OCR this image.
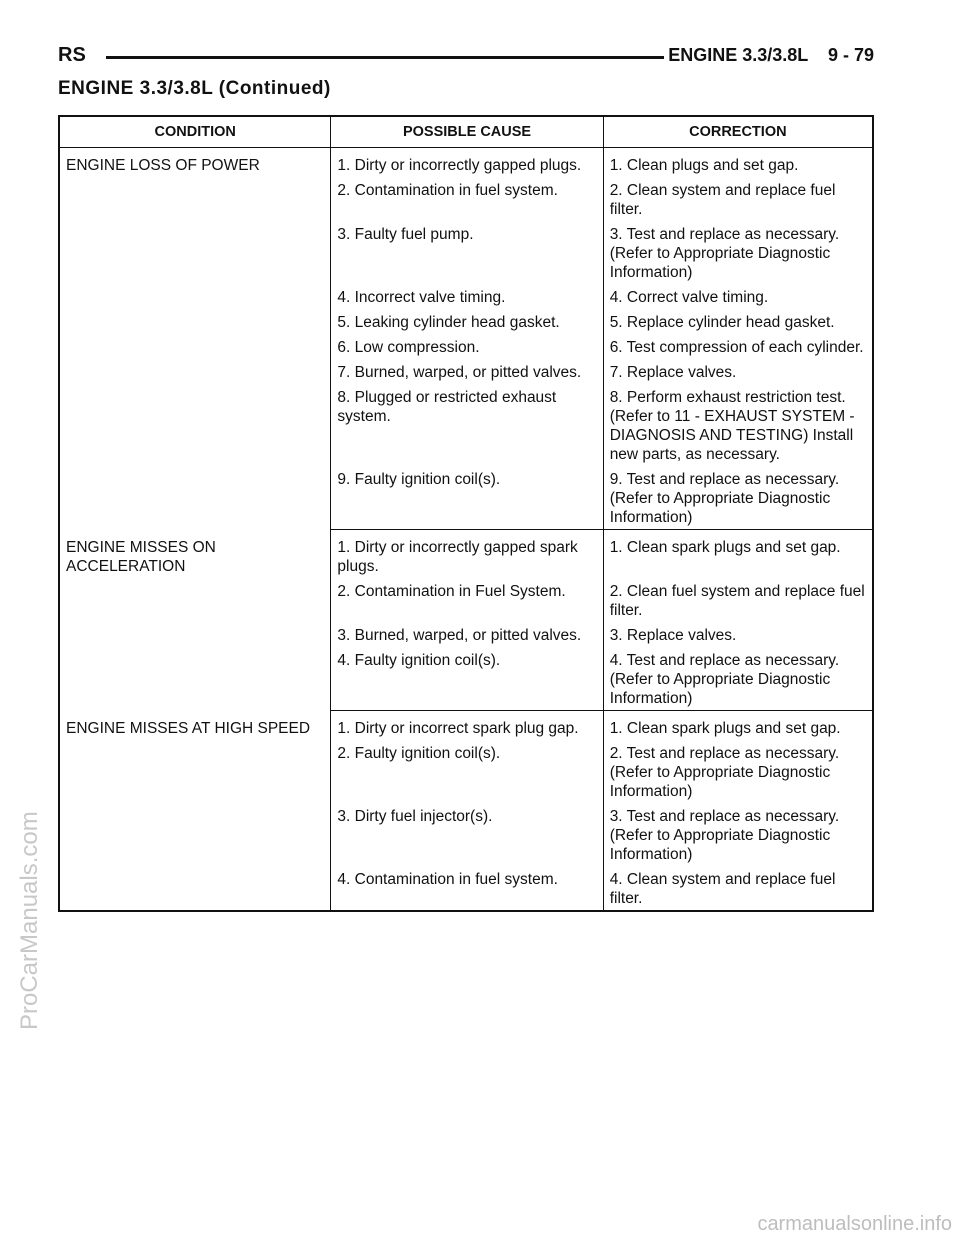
RS	ENGINE 3.3/3.8L    9 - 79
ENGINE 3.3/3.8L (Continued)
CONDITION	POSSIBLE CAUSE	CORRECTION
ENGINE LOSS OF POWER	1. Dirty or incorrectly gapped plugs.	1. Clean plugs and set gap.
	2. Contamination in fuel system.	2. Clean system and replace fuel filter.
	3. Faulty fuel pump.	3. Test and replace as necessary. (Refer to Appropriate Diagnostic Information)
	4. Incorrect valve timing.	4. Correct valve timing.
	5. Leaking cylinder head gasket.	5. Replace cylinder head gasket.
	6. Low compression.	6. Test compression of each cylinder.
	7. Burned, warped, or pitted valves.	7. Replace valves.
	8. Plugged or restricted exhaust system.	8. Perform exhaust restriction test. (Refer to 11 - EXHAUST SYSTEM - DIAGNOSIS AND TESTING) Install new parts, as necessary.
	9. Faulty ignition coil(s).	9. Test and replace as necessary. (Refer to Appropriate Diagnostic Information)
ENGINE MISSES ON ACCELERATION	1. Dirty or incorrectly gapped spark plugs.	1. Clean spark plugs and set gap.
	2. Contamination in Fuel System.	2. Clean fuel system and replace fuel filter.
	3. Burned, warped, or pitted valves.	3. Replace valves.
	4. Faulty ignition coil(s).	4. Test and replace as necessary. (Refer to Appropriate Diagnostic Information)
ENGINE MISSES AT HIGH SPEED	1. Dirty or incorrect spark plug gap.	1. Clean spark plugs and set gap.
	2. Faulty ignition coil(s).	2. Test and replace as necessary. (Refer to Appropriate Diagnostic Information)
	3. Dirty fuel injector(s).	3. Test and replace as necessary. (Refer to Appropriate Diagnostic Information)
	4. Contamination in fuel system.	4. Clean system and replace fuel filter.
ProCarManuals.com
carmanualsonline.info
